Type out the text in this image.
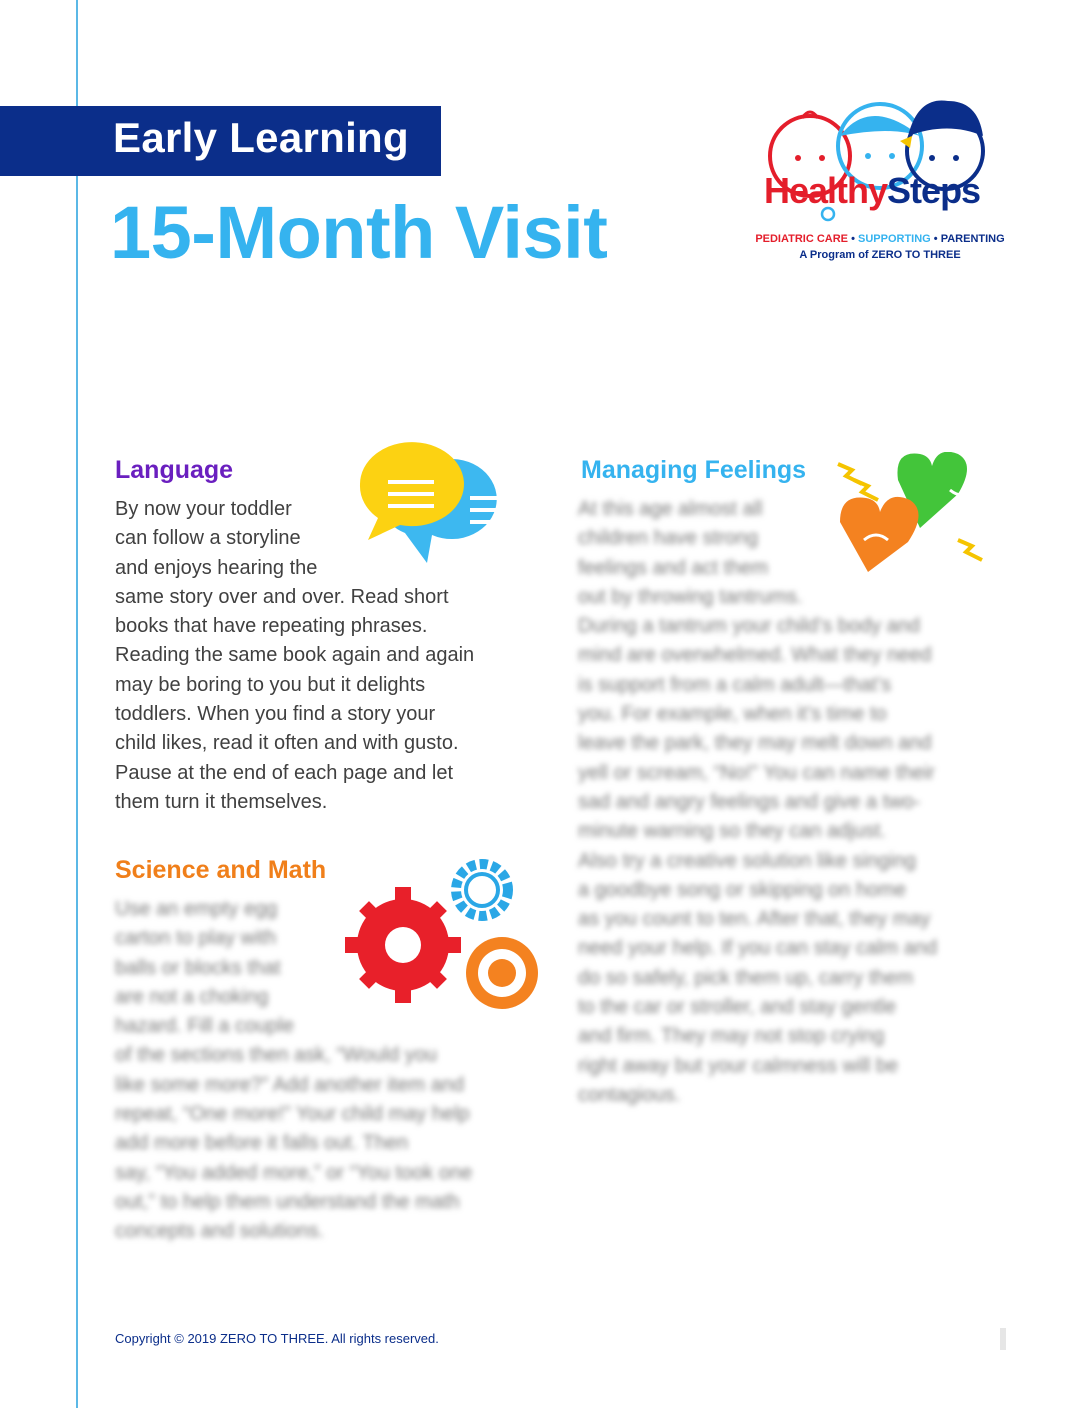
Early Learning
15-Month Visit
HealthySteps
PEDIATRIC CARE • SUPPORTING • PARENTING
A Program of ZERO TO THREE
Language

By now your toddler

can follow a storyline

and enjoys hearing the

same story over and over. Read short

books that have repeating phrases.

Reading the same book again and again

may be boring to you but it delights

toddlers. When you find a story your

child likes, read it often and with gusto.

Pause at the end of each page and let

them turn it themselves.

Science and Math

Use an empty egg

carton to play with

balls or blocks that

are not a choking

hazard. Fill a couple

of the sections then ask, “Would you

like some more?” Add another item and

repeat, “One more!” Your child may help

add more before it falls out. Then

say, “You added more,” or “You took one

out,” to help them understand the math

concepts and solutions.

Managing Feelings

At this age almost all

children have strong

feelings and act them

out by throwing tantrums.

During a tantrum your child’s body and

mind are overwhelmed. What they need

is support from a calm adult—that’s

you. For example, when it’s time to

leave the park, they may melt down and

yell or scream, “No!” You can name their

sad and angry feelings and give a two-

minute warning so they can adjust.

Also try a creative solution like singing

a goodbye song or skipping on home

as you count to ten. After that, they may

need your help. If you can stay calm and

do so safely, pick them up, carry them

to the car or stroller, and stay gentle

and firm. They may not stop crying

right away but your calmness will be

contagious.

Copyright © 2019 ZERO TO THREE. All rights reserved.
